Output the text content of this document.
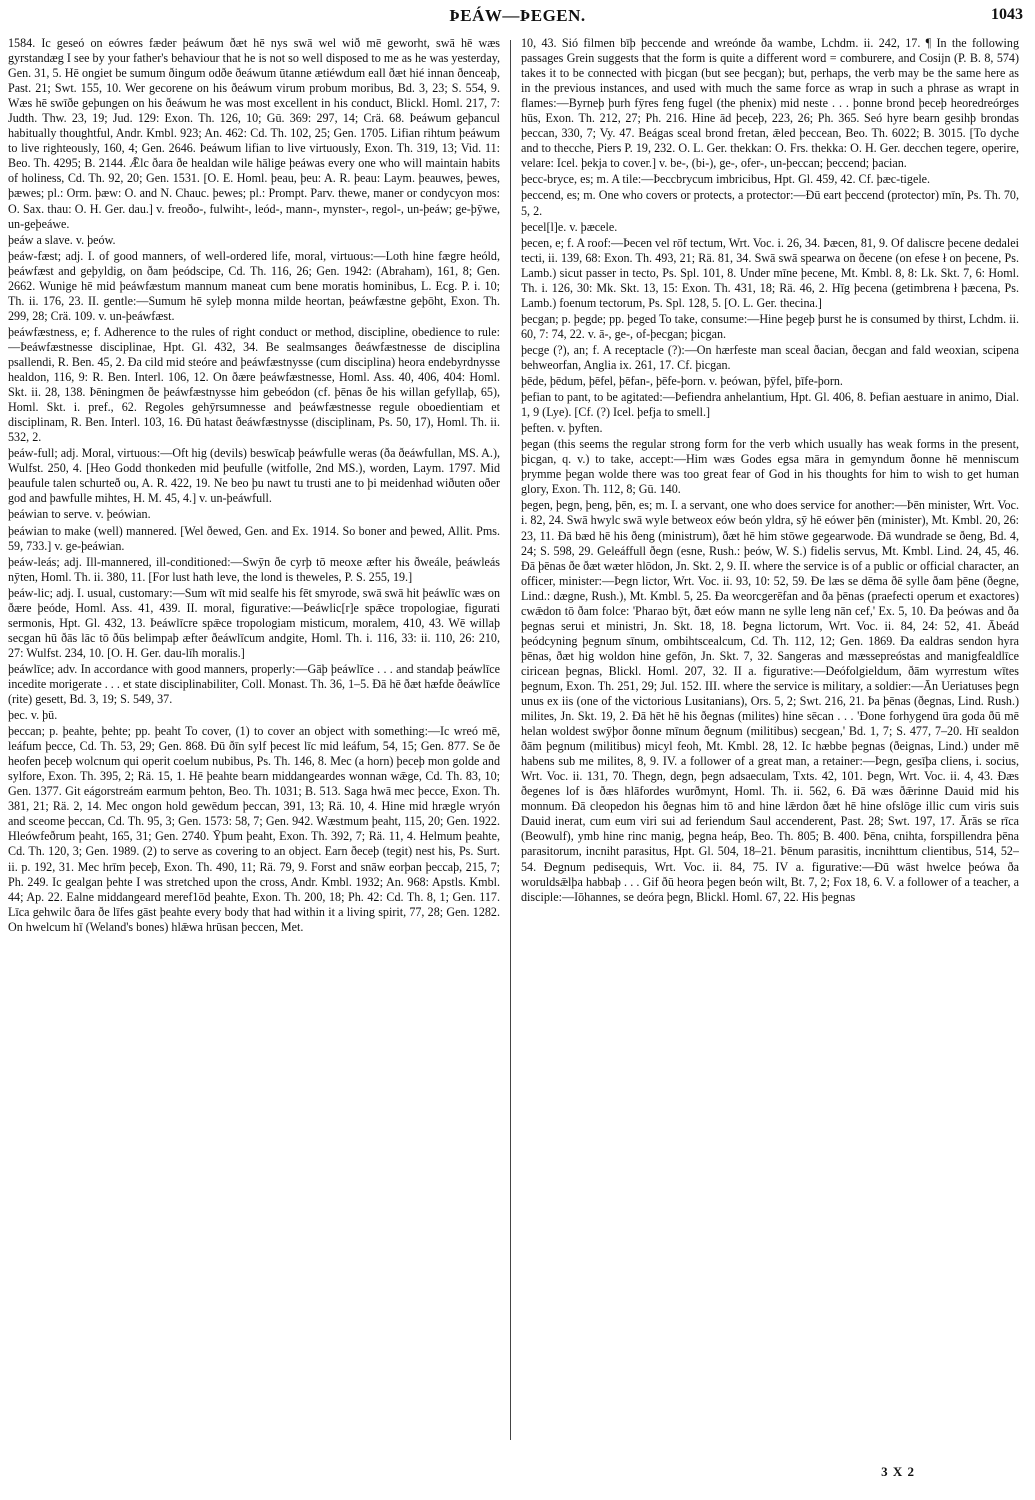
ÞEÁW—ÞEGEN.	1043

1584. Ic geseó on eówres fæder þeáwum ðæt hē nys swā wel wið mē geworht, swā hē wæs gyrstandæg I see by your father's behaviour that he is not so well disposed to me as he was yesterday, Gen. 31, 5. Hē ongiet be sumum ðingum odðe ðeáwum ūtanne ætiéwdum eall ðæt hié innan ðenceaþ, Past. 21; Swt. 155, 10. Wer gecorene on his ðeáwum virum probum moribus, Bd. 3, 23; S. 554, 9. Wæs hē swīðe geþungen on his ðeáwum he was most excellent in his conduct, Blickl. Homl. 217, 7: Judth. Thw. 23, 19; Jud. 129: Exon. Th. 126, 10; Gū. 369: 297, 14; Crä. 68. Þeáwum geþancul habitually thoughtful, Andr. Kmbl. 923; An. 462: Cd. Th. 102, 25; Gen. 1705. Lifian rihtum þeáwum to live righteously, 160, 4; Gen. 2646. Þeáwum lifian to live virtuously, Exon. Th. 319, 13; Vid. 11: Beo. Th. 4295; B. 2144. Ǣlc ðara ðe healdan wile hālige þeáwas every one who will maintain habits of holiness, Cd. Th. 92, 20; Gen. 1531. [O. E. Homl. þeau, þeu: A. R. þeau: Laym. þeauwes, þewes, þæwes; pl.: Orm. þæw: O. and N. Chauc. þewes; pl.: Prompt. Parv. thewe, maner or condycyon mos: O. Sax. thau: O. H. Ger. dau.] v. freoðo-, fulwiht-, leód-, mann-, mynster-, regol-, un-þeáw; ge-þȳwe, un-geþeáwe.

þeáw a slave. v. þeów.

þeáw-fæst; adj. I. of good manners, of well-ordered life, moral, virtuous:—Loth hine fægre heóld, þeáwfæst and geþyldig, on ðam þeódscipe, Cd. Th. 116, 26; Gen. 1942: (Abraham), 161, 8; Gen. 2662. Wunige hē mid þeáwfæstum mannum maneat cum bene moratis hominibus, L. Ecg. P. i. 10; Th. ii. 176, 23. II. gentle:—Sumum hē syleþ monna milde heortan, þeáwfæstne geþōht, Exon. Th. 299, 28; Crä. 109. v. un-þeáwfæst.

þeáwfæstness, e; f. Adherence to the rules of right conduct or method, discipline, obedience to rule:—Þeáwfæstnesse disciplinae, Hpt. Gl. 432, 34. Be sealmsanges ðeáwfæstnesse de disciplina psallendi, R. Ben. 45, 2. Ða cild mid steóre and þeáwfæstnysse (cum disciplina) heora endebyrdnysse healdon, 116, 9: R. Ben. Interl. 106, 12. On ðære þeáwfæstnesse, Homl. Ass. 40, 406, 404: Homl. Skt. ii. 28, 138. Þēningmen ðe þeáwfæstnysse him gebeódon (cf. þēnas ðe his willan gefyllaþ, 65), Homl. Skt. i. pref., 62. Regoles gehȳrsumnesse and þeáwfæstnesse regule oboedientiam et disciplinam, R. Ben. Interl. 103, 16. Ðū hatast ðeáwfæstnysse (disciplinam, Ps. 50, 17), Homl. Th. ii. 532, 2.

þeáw-full; adj. Moral, virtuous:—Oft hig (devils) beswīcaþ þeáwfulle weras (ða ðeáwfullan, MS. A.), Wulfst. 250, 4. [Heo Godd thonkeden mid þeufulle (witfolle, 2nd MS.), worden, Laym. 1797. Mid þeaufule talen schurteð ou, A. R. 422, 19. Ne beo þu nawt tu trusti ane to þi meidenhad wiðuten oðer god and þawfulle mihtes, H. M. 45, 4.] v. un-þeáwfull.

þeáwian to serve. v. þeówian.

þeáwian to make (well) mannered. [Wel ðewed, Gen. and Ex. 1914. So boner and þewed, Allit. Pms. 59, 733.] v. ge-þeáwian.

þeáw-leás; adj. Ill-mannered, ill-conditioned:—Swȳn ðe cyrþ tō meoxe æfter his ðweále, þeáwleás nȳten, Homl. Th. ii. 380, 11. [For lust hath leve, the lond is theweles, P. S. 255, 19.]

þeáw-lic; adj. I. usual, customary:—Sum wīt mid sealfe his fēt smyrode, swā swā hit þeáwlīc wæs on ðære þeóde, Homl. Ass. 41, 439. II. moral, figurative:—Þeáwlic[r]e spǣce tropologiae, figurati sermonis, Hpt. Gl. 432, 13. Þeáwlīcre spǣce tropologiam misticum, moralem, 410, 43. Wē willaþ secgan hū ðās lāc tō ðūs belimpaþ æfter ðeáwlīcum andgite, Homl. Th. i. 116, 33: ii. 110, 26: 210, 27: Wulfst. 234, 10. [O. H. Ger. dau-līh moralis.]

þeáwlīce; adv. In accordance with good manners, properly:—Gāþ þeáwlīce . . . and standaþ þeáwlīce incedite morigerate . . . et state disciplinabiliter, Coll. Monast. Th. 36, 1–5. Ðā hē ðæt hæfde ðeáwlīce (rite) gesett, Bd. 3, 19; S. 549, 37.

þec. v. þū.

þeccan; p. þeahte, þehte; pp. þeaht To cover, (1) to cover an object with something:—Ic wreó mē, leáfum þecce, Cd. Th. 53, 29; Gen. 868. Ðū ðīn sylf þecest līc mid leáfum, 54, 15; Gen. 877. Se ðe heofen þeceþ wolcnum qui operit coelum nubibus, Ps. Th. 146, 8. Mec (a horn) þeceþ mon golde and sylfore, Exon. Th. 395, 2; Rä. 15, 1. Hē þeahte bearn middangeardes wonnan wǣge, Cd. Th. 83, 10; Gen. 1377. Git eágorstreám earmum þehton, Beo. Th. 1031; B. 513. Saga hwā mec þecce, Exon. Th. 381, 21; Rä. 2, 14. Mec ongon hold gewēdum þeccan, 391, 13; Rä. 10, 4. Hine mid hrægle wryón and sceome þeccan, Cd. Th. 95, 3; Gen. 1573: 58, 7; Gen. 942. Wæstmum þeaht, 115, 20; Gen. 1922. Hleówfeðrum þeaht, 165, 31; Gen. 2740. Ȳþum þeaht, Exon. Th. 392, 7; Rä. 11, 4. Helmum þeahte, Cd. Th. 120, 3; Gen. 1989. (2) to serve as covering to an object. Earn ðeceþ (tegit) nest his, Ps. Surt. ii. p. 192, 31. Mec hrīm þeceþ, Exon. Th. 490, 11; Rä. 79, 9. Forst and snāw eorþan þeccaþ, 215, 7; Ph. 249. Ic gealgan þehte I was stretched upon the cross, Andr. Kmbl. 1932; An. 968: Apstls. Kmbl. 44; Ap. 22. Ealne middangeard meref1ōd þeahte, Exon. Th. 200, 18; Ph. 42: Cd. Th. 8, 1; Gen. 117. Līca gehwilc ðara ðe līfes gāst þeahte every body that had within it a living spirit, 77, 28; Gen. 1282. On hwelcum hī (Weland's bones) hlǣwa hrūsan þeccen, Met.

10, 43. Sió filmen bīþ þeccende and wreónde ða wambe, Lchdm. ii. 242, 17. ¶ In the following passages Grein suggests that the form is quite a different word = comburere, and Cosijn (P. B. 8, 574) takes it to be connected with þicgan (but see þecgan); but, perhaps, the verb may be the same here as in the previous instances, and used with much the same force as wrap in such a phrase as wrapt in flames:—Byrneþ þurh fȳres feng fugel (the phenix) mid neste . . . þonne brond þeceþ heoredreórges hūs, Exon. Th. 212, 27; Ph. 216. Hine ād þeceþ, 223, 26; Ph. 365. Seó hyre bearn gesihþ brondas þeccan, 330, 7; Vy. 47. Beágas sceal brond fretan, ǣled þeccean, Beo. Th. 6022; B. 3015. [To dyche and to thecche, Piers P. 19, 232. O. L. Ger. thekkan: O. Frs. thekka: O. H. Ger. decchen tegere, operire, velare: Icel. þekja to cover.] v. be-, (bi-), ge-, ofer-, un-þeccan; þeccend; þacian.

þecc-brycе, es; m. A tile:—Þeccbrycum imbricibus, Hpt. Gl. 459, 42. Cf. þæc-tigele.

þeccend, es; m. One who covers or protects, a protector:—Ðū eart þeccend (protector) mīn, Ps. Th. 70, 5, 2.

þecel[l]e. v. þæcele.

þecen, e; f. A roof:—Þecen vel rōf tectum, Wrt. Voc. i. 26, 34. Þæcen, 81, 9. Of daliscre þecene dedalei tecti, ii. 139, 68: Exon. Th. 493, 21; Rä. 81, 34. Swā swā spearwa on ðecene (on efese ł on þecene, Ps. Lamb.) sicut passer in tecto, Ps. Spl. 101, 8. Under mīne þecene, Mt. Kmbl. 8, 8: Lk. Skt. 7, 6: Homl. Th. i. 126, 30: Mk. Skt. 13, 15: Exon. Th. 431, 18; Rä. 46, 2. Hīg þecena (getimbrena ł þæcena, Ps. Lamb.) foenum tectorum, Ps. Spl. 128, 5. [O. L. Ger. thecina.]

þecgan; p. þegde; pp. þeged To take, consume:—Hine þegeþ þurst he is consumed by thirst, Lchdm. ii. 60, 7: 74, 22. v. ā-, ge-, of-þecgan; þicgan.

þecge (?), an; f. A receptacle (?):—On hærfeste man sceal ðacian, ðecgan and fald weoxian, scipena behweorfan, Anglia ix. 261, 17. Cf. þicgan.

þēde, þēdum, þēfel, þēfan-, þēfe-þorn. v. þeówan, þȳfel, þīfe-þorn.

þefian to pant, to be agitated:—Þefiendra anhelantium, Hpt. Gl. 406, 8. Þefian aestuare in animo, Dial. 1, 9 (Lye). [Cf. (?) Icel. þefja to smell.]

þeften. v. þyften.

þegan (this seems the regular strong form for the verb which usually has weak forms in the present, þicgan, q. v.) to take, accept:—Him wæs Godes egsa māra in gemyndum ðonne hē menniscum þrymme þegan wolde there was too great fear of God in his thoughts for him to wish to get human glory, Exon. Th. 112, 8; Gū. 140.

þegen, þegn, þeng, þēn, es; m. I. a servant, one who does service for another:—Þēn minister, Wrt. Voc. i. 82, 24. Swā hwylc swā wyle betweox eów beón yldra, sȳ hē eówer þēn (minister), Mt. Kmbl. 20, 26: 23, 11. Ðā bæd hē his ðeng (ministrum), ðæt hē him stōwe gegearwode. Ðā wundrade se ðeng, Bd. 4, 24; S. 598, 29. Geleáffull ðegn (esne, Rush.: þeów, W. S.) fidelis servus, Mt. Kmbl. Lind. 24, 45, 46. Ðā þēnas ðe ðæt wæter hlōdon, Jn. Skt. 2, 9. II. where the service is of a public or official character, an officer, minister:—Þegn lictor, Wrt. Voc. ii. 93, 10: 52, 59. Ðe læs se dēma ðē sylle ðam þēne (ðegne, Lind.: dægne, Rush.), Mt. Kmbl. 5, 25. Ða weorcgerēfan and ða þēnas (praefecti operum et exactores) cwǣdon tō ðam folce: 'Pharao bȳt, ðæt eów mann ne sylle leng nān cef,' Ex. 5, 10. Ða þeówas and ða þegnas serui et ministri, Jn. Skt. 18, 18. Þegna lictorum, Wrt. Voc. ii. 84, 24: 52, 41. Ābeád þeódcyning þegnum sīnum, ombihtscealcum, Cd. Th. 112, 12; Gen. 1869. Ða ealdras sendon hyra þēnas, ðæt hig woldon hine gefōn, Jn. Skt. 7, 32. Sangeras and mæssepreóstas and manigfealdlīce ciricean þegnas, Blickl. Homl. 207, 32. II a. figurative:—Deófolgieldum, ðām wyrrestum wītes þegnum, Exon. Th. 251, 29; Jul. 152. III. where the service is military, a soldier:—Ān Ueriatuses þegn unus ex iis (one of the victorious Lusitanians), Ors. 5, 2; Swt. 216, 21. Þa þēnas (ðegnas, Lind. Rush.) milites, Jn. Skt. 19, 2. Ðā hēt hē his ðegnas (milites) hine sēcan . . . 'Ðone forhygend ūra goda ðū mē helan woldest swȳþor ðonne mīnum ðegnum (militibus) secgean,' Bd. 1, 7; S. 477, 7–20. Hī sealdon ðām þegnum (militibus) micyl feoh, Mt. Kmbl. 28, 12. Ic hæbbe þegnas (ðeignas, Lind.) under mē habens sub me milites, 8, 9. IV. a follower of a great man, a retainer:—Þegn, gesīþa cliens, i. socius, Wrt. Voc. ii. 131, 70. Thegn, degn, þegn adsaeculam, Txts. 42, 101. Þegn, Wrt. Voc. ii. 4, 43. Ðæs ðegenes lof is ðæs hlāfordes wurðmynt, Homl. Th. ii. 562, 6. Ðā wæs ðǣrinne Dauid mid his monnum. Ðā cleopedon his ðegnas him tō and hine lǣrdon ðæt hē hine ofslōge illic cum viris suis Dauid inerat, cum eum viri sui ad feriendum Saul accenderent, Past. 28; Swt. 197, 17. Ārās se rīca (Beowulf), ymb hine rinc manig, þegna heáp, Beo. Th. 805; B. 400. Þēna, cnihta, forspillendra þēna parasitorum, incniht parasitus, Hpt. Gl. 504, 18–21. Þēnum parasitis, incnihttum clientibus, 514, 52–54. Ðegnum pedisequis, Wrt. Voc. ii. 84, 75. IV a. figurative:—Ðū wāst hwelce þeówa ða woruldsǣlþa habbaþ . . . Gif ðū heora þegen beón wilt, Bt. 7, 2; Fox 18, 6. V. a follower of a teacher, a disciple:—Iōhannes, se deóra þegn, Blickl. Homl. 67, 22. His þegnas

3 X 2
